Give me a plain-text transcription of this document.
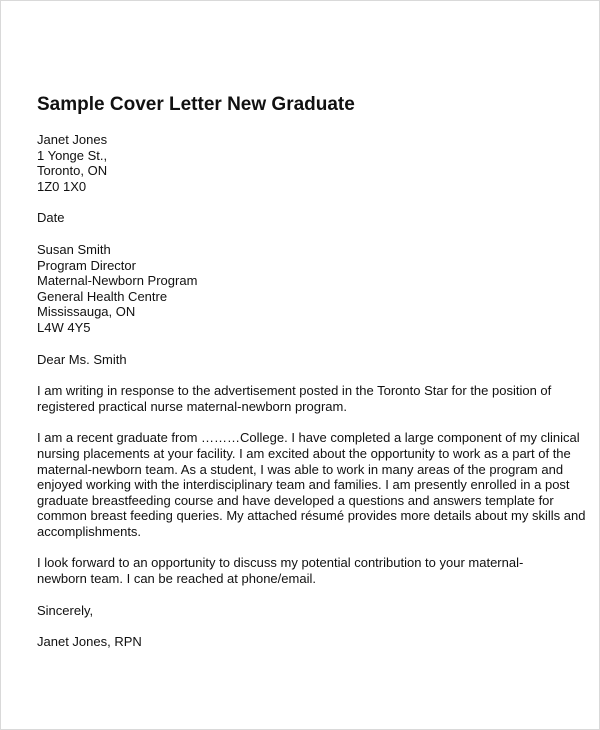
Sample Cover Letter New Graduate
Janet Jones
1 Yonge St.,
Toronto, ON
1Z0 1X0
Date
Susan Smith
Program Director
Maternal-Newborn Program
General Health Centre
Mississauga, ON
L4W 4Y5
Dear Ms. Smith
I am writing in response to the advertisement posted in the Toronto Star for the position of
registered practical nurse maternal-newborn program.
I am a recent graduate from ………College. I have completed a large component of my clinical
nursing placements at your facility. I am excited about the opportunity to work as a part of the
maternal-newborn team. As a student, I was able to work in many areas of the program and
enjoyed working with the interdisciplinary team and families. I am presently enrolled in a post
graduate breastfeeding course and have developed a questions and answers template for
common breast feeding queries. My attached résumé provides more details about my skills and
accomplishments.
I look forward to an opportunity to discuss my potential contribution to your maternal-
newborn team. I can be reached at phone/email.
Sincerely,
Janet Jones, RPN
